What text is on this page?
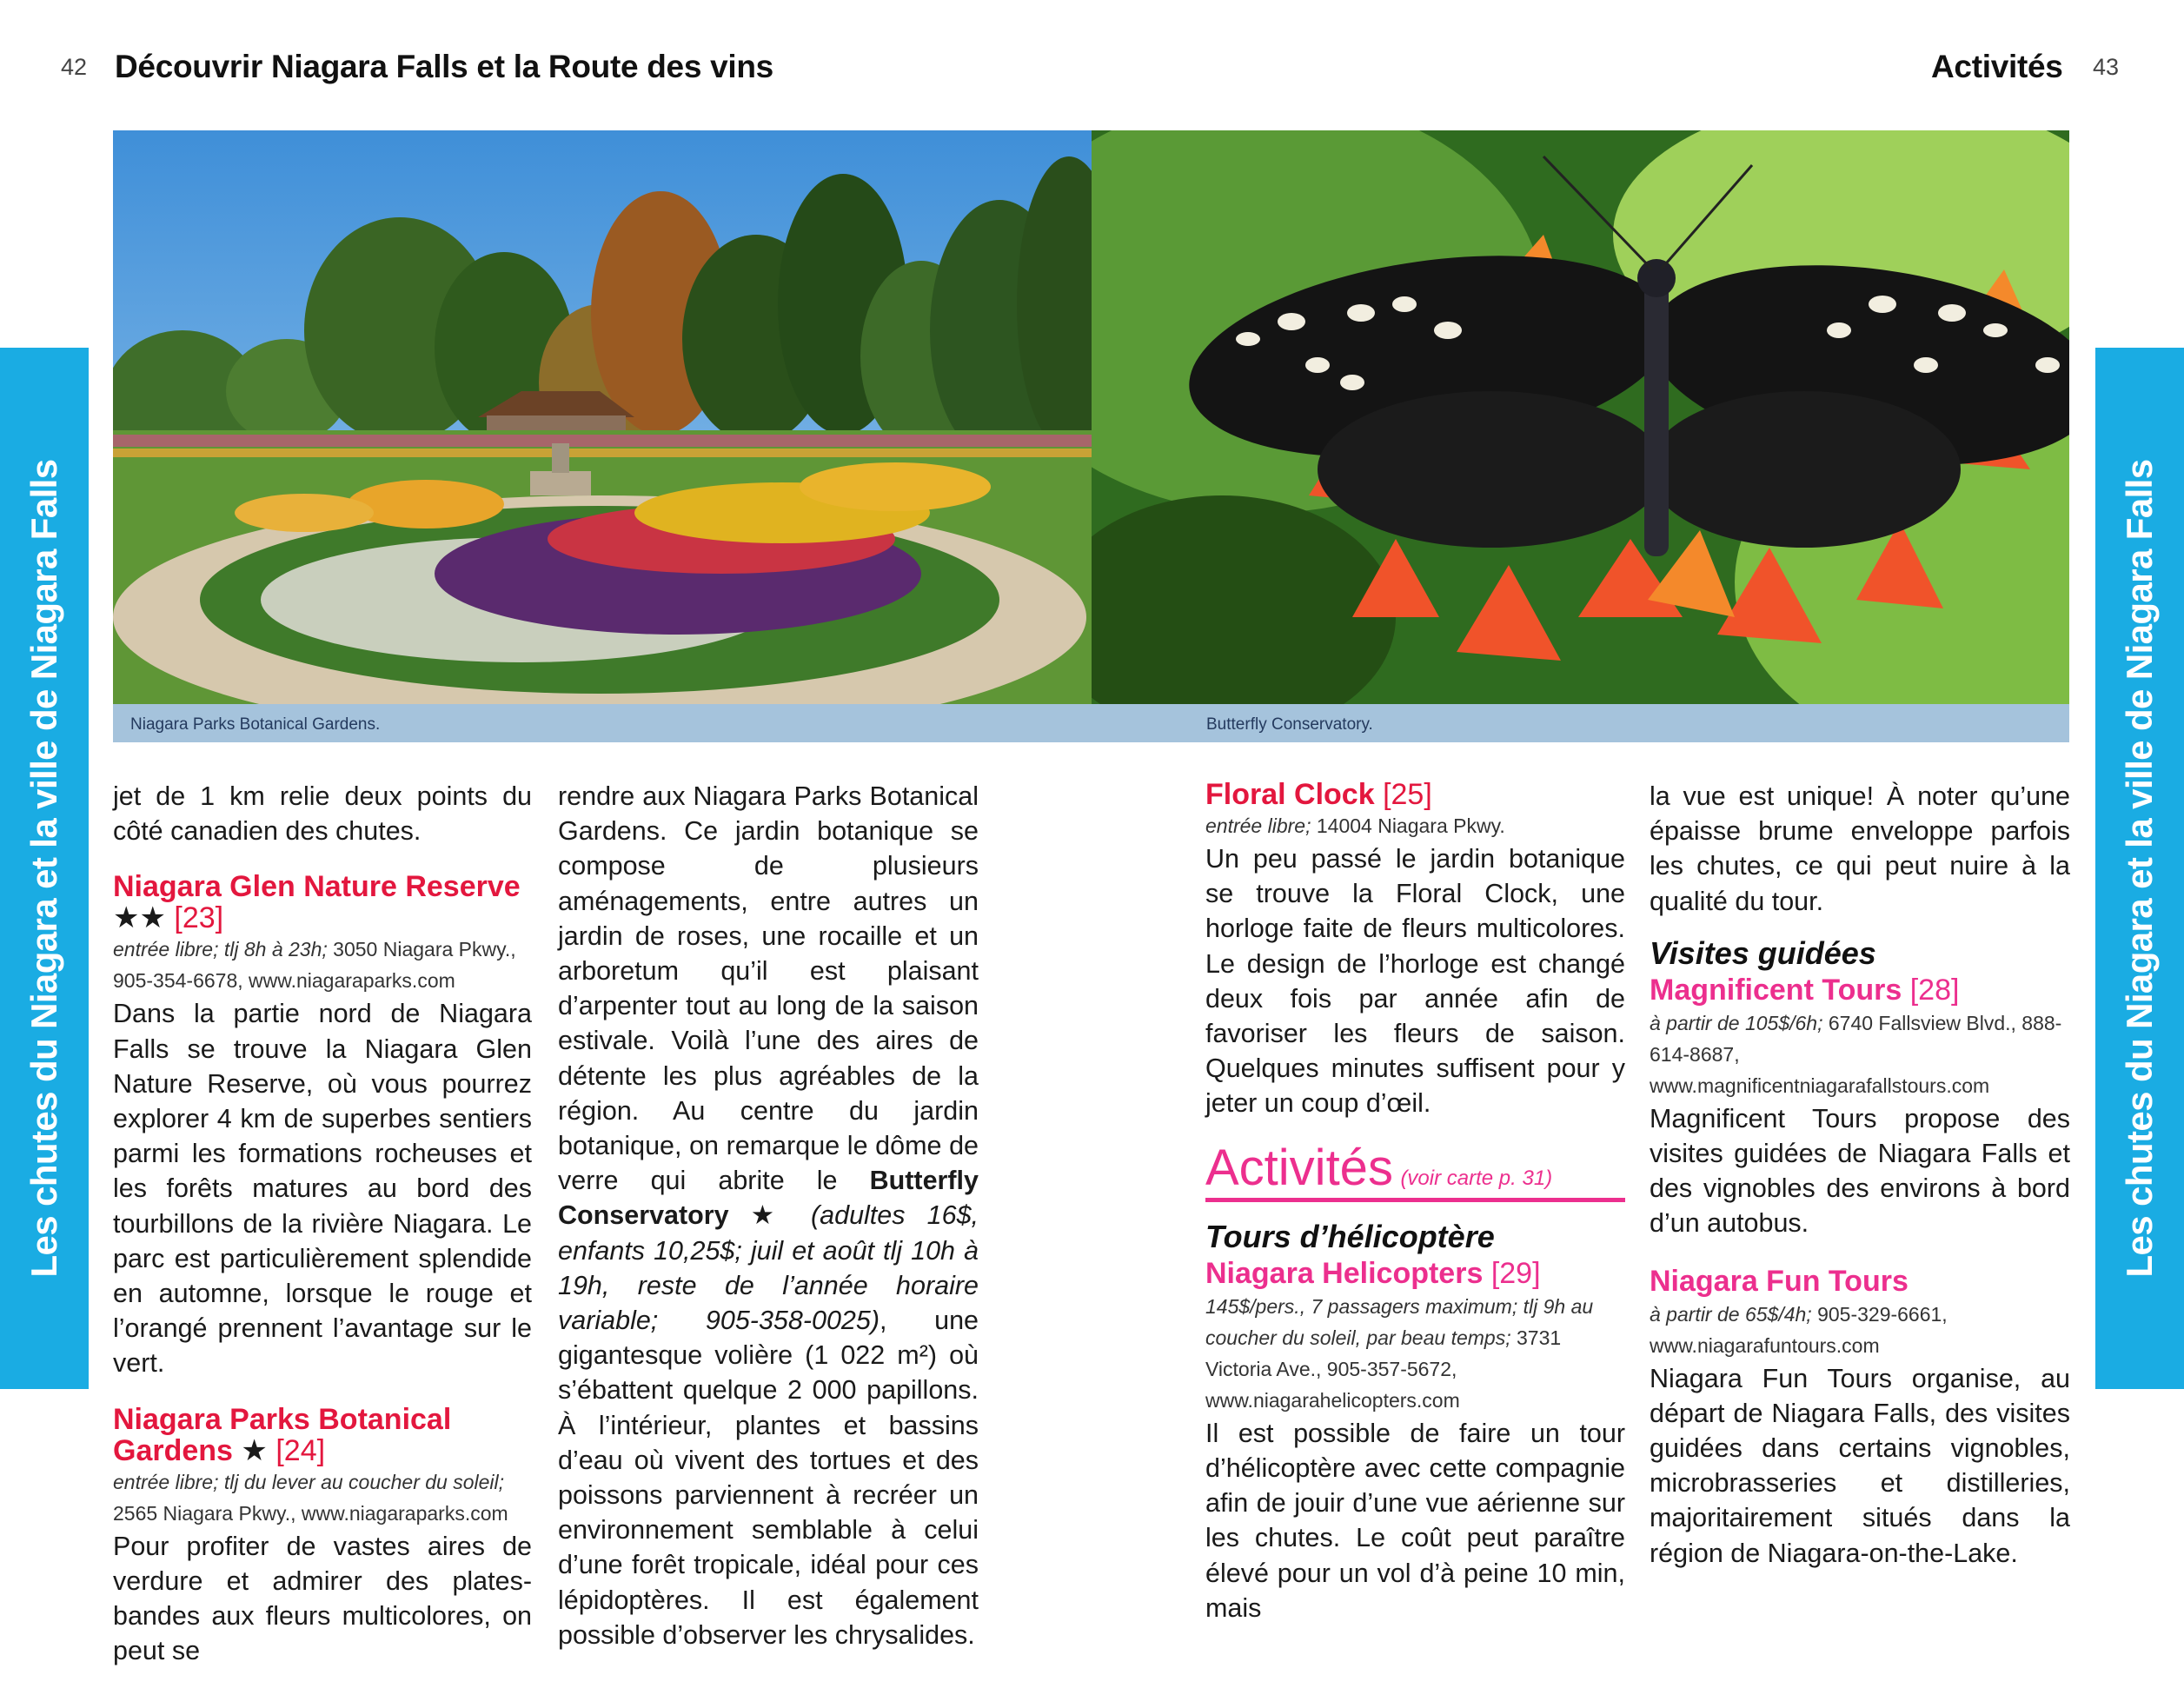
42 Découvrir Niagara Falls et la Route des vins	Activités 43
Les chutes du Niagara et la ville de Niagara Falls	Les chutes du Niagara et la ville de Niagara Falls
Niagara Parks Botanical Gardens.	Butterfly Conservatory.

jet de 1 km relie deux points du côté canadien des chutes.

Niagara Glen Nature Reserve ★★ [23]
entrée libre; tlj 8h à 23h; 3050 Niagara Pkwy., 905-354-6678, www.niagaraparks.com

Dans la partie nord de Niagara Falls se trouve la Niagara Glen Nature Reserve, où vous pourrez explorer 4 km de superbes sentiers parmi les formations rocheuses et les forêts matures au bord des tourbillons de la rivière Niagara. Le parc est particulièrement splendide en automne, lorsque le rouge et l’orangé prennent l’avantage sur le vert.

Niagara Parks Botanical Gardens ★ [24]
entrée libre; tlj du lever au coucher du soleil; 2565 Niagara Pkwy., www.niagaraparks.com

Pour profiter de vastes aires de verdure et admirer des plates-bandes aux fleurs multicolores, on peut se

rendre aux Niagara Parks Botanical Gardens. Ce jardin botanique se compose de plusieurs aménagements, entre autres un jardin de roses, une rocaille et un arboretum qu’il est plaisant d’arpenter tout au long de la saison estivale. Voilà l’une des aires de détente les plus agréables de la région. Au centre du jardin botanique, on remarque le dôme de verre qui abrite le Butterfly Conservatory ★ (adultes 16$, enfants 10,25$; juil et août tlj 10h à 19h, reste de l’année horaire variable; 905-358-0025), une gigantesque volière (1 022 m²) où s’ébattent quelque 2 000 papillons. À l’intérieur, plantes et bassins d’eau où vivent des tortues et des poissons parviennent à recréer un environnement semblable à celui d’une forêt tropicale, idéal pour ces lépidoptères. Il est également possible d’observer les chrysalides.

Floral Clock [25]
entrée libre; 14004 Niagara Pkwy.

Un peu passé le jardin botanique se trouve la Floral Clock, une horloge faite de fleurs multicolores. Le design de l’horloge est changé deux fois par année afin de favoriser les fleurs de saison. Quelques minutes suffisent pour y jeter un coup d’œil.

Activités (voir carte p. 31)
Tours d’hélicoptère
Niagara Helicopters [29]
145$/pers., 7 passagers maximum; tlj 9h au coucher du soleil, par beau temps; 3731 Victoria Ave., 905-357-5672, www.niagarahelicopters.com

Il est possible de faire un tour d’hélicoptère avec cette compagnie afin de jouir d’une vue aérienne sur les chutes. Le coût peut paraître élevé pour un vol d’à peine 10 min, mais

la vue est unique! À noter qu’une épaisse brume enveloppe parfois les chutes, ce qui peut nuire à la qualité du tour.

Visites guidées
Magnificent Tours [28]
à partir de 105$/6h; 6740 Fallsview Blvd., 888-614-8687, www.magnificentniagarafallstours.com

Magnificent Tours propose des visites guidées de Niagara Falls et des vignobles des environs à bord d’un autobus.

Niagara Fun Tours
à partir de 65$/4h; 905-329-6661, www.niagarafuntours.com

Niagara Fun Tours organise, au départ de Niagara Falls, des visites guidées dans certains vignobles, microbrasseries et distilleries, majoritairement situés dans la région de Niagara-on-the-Lake.
